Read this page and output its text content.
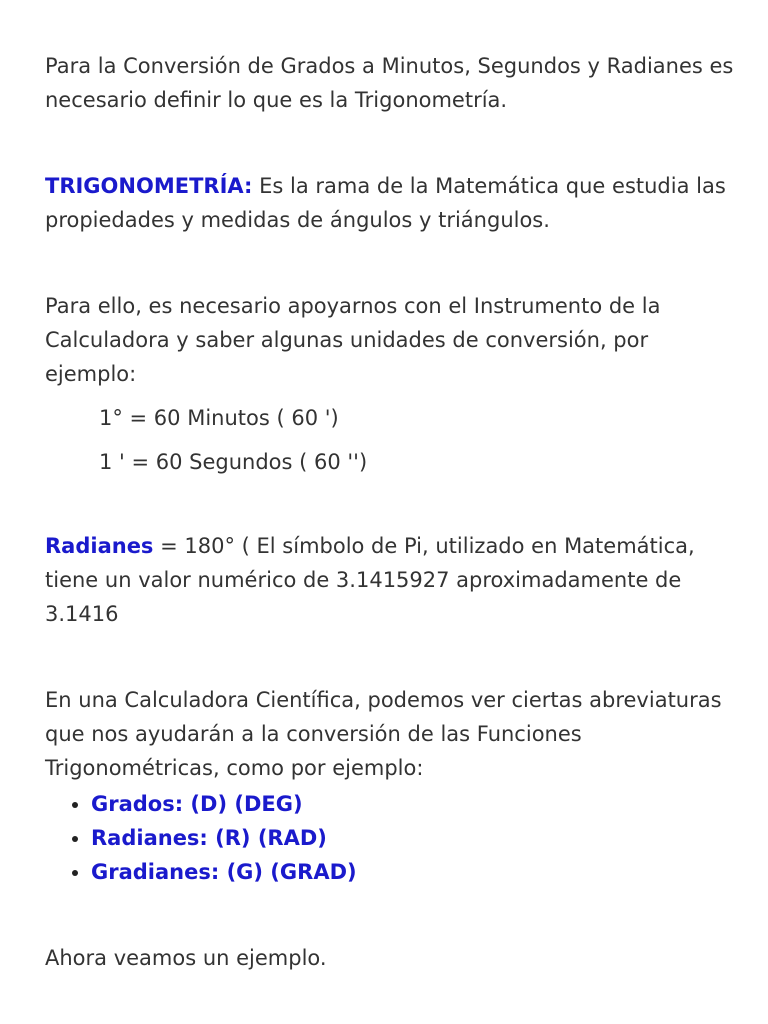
Para la Conversión de Grados a Minutos, Segundos y Radianes es necesario definir lo que es la Trigonometría.

TRIGONOMETRÍA: Es la rama de la Matemática que estudia las propiedades y medidas de ángulos y triángulos.

Para ello, es necesario apoyarnos con el Instrumento de la Calculadora y saber algunas unidades de conversión, por ejemplo:

1° = 60 Minutos ( 60 ')

1 ' = 60 Segundos ( 60 '')

Radianes = 180° ( El símbolo de Pi, utilizado en Matemática, tiene un valor numérico de 3.1415927 aproximadamente de 3.1416

En una Calculadora Científica, podemos ver ciertas abreviaturas que nos ayudarán a la conversión de las Funciones Trigonométricas, como por ejemplo:

• Grados: (D) (DEG)
• Radianes: (R) (RAD)
• Gradianes: (G) (GRAD)

Ahora veamos un ejemplo.
